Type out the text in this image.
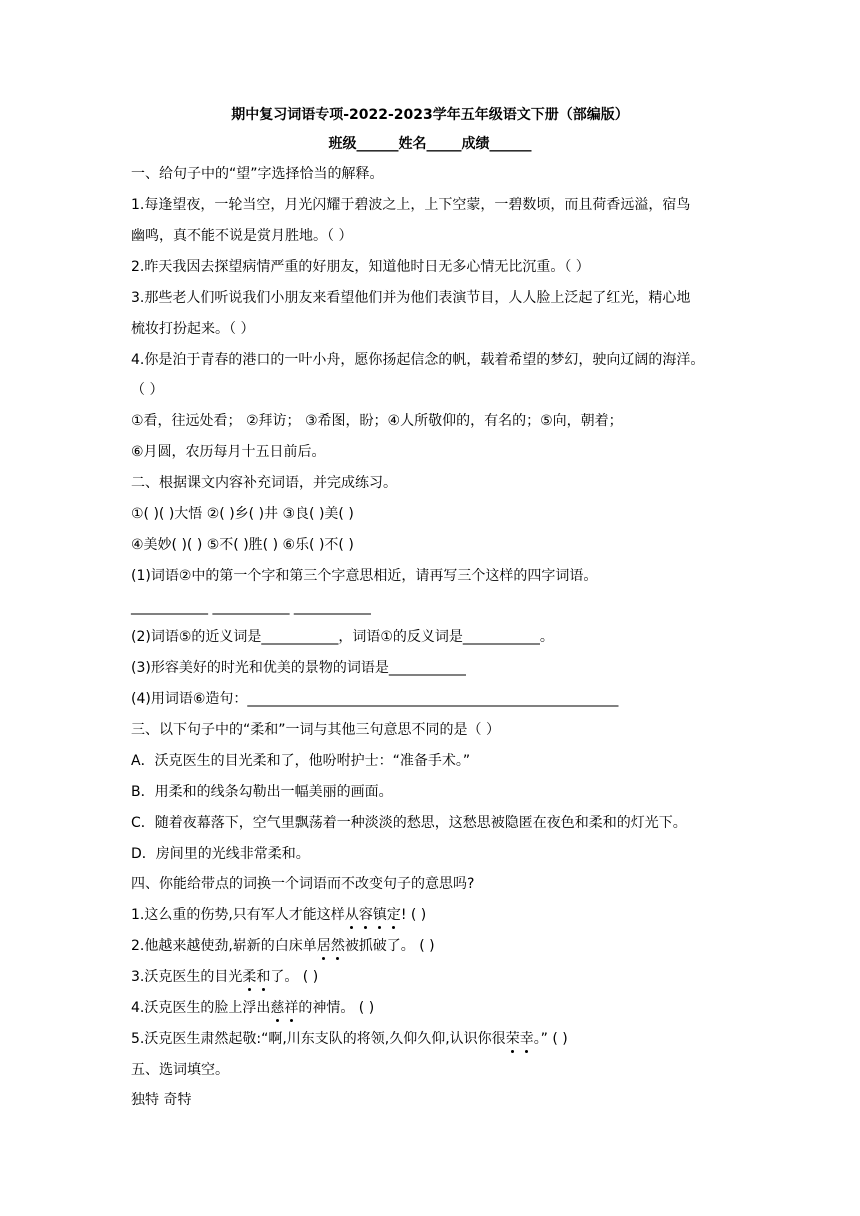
期中复习词语专项-2022-2023学年五年级语文下册（部编版）
班级______姓名_____成绩______
一、给句子中的“望”字选择恰当的解释。
1.每逢望夜，一轮当空，月光闪耀于碧波之上，上下空蒙，一碧数顷，而且荷香远溢，宿鸟
幽鸣，真不能不说是赏月胜地。（ ）
2.昨天我因去探望病情严重的好朋友，知道他时日无多心情无比沉重。（ ）
3.那些老人们听说我们小朋友来看望他们并为他们表演节目，人人脸上泛起了红光，精心地
梳妆打扮起来。（ ）
4.你是泊于青春的港口的一叶小舟，愿你扬起信念的帆，载着希望的梦幻，驶向辽阔的海洋。
（ ）
①看，往远处看； ②拜访； ③希图，盼；④人所敬仰的，有名的；⑤向，朝着；
⑥月圆，农历每月十五日前后。
二、根据课文内容补充词语，并完成练习。
①( )( )大悟 ②( )乡( )井 ③良( )美( )
④美妙( )( ) ⑤不( )胜( ) ⑥乐( )不( )
(1)词语②中的第一个字和第三个字意思相近，请再写三个这样的四字词语。
___________ ___________ ___________
(2)词语⑤的近义词是___________，词语①的反义词是___________。
(3)形容美好的时光和优美的景物的词语是___________
(4)用词语⑥造句：_____________________________________________________
三、以下句子中的“柔和”一词与其他三句意思不同的是（ ）
A．沃克医生的目光柔和了，他吩咐护士：“准备手术。”
B．用柔和的线条勾勒出一幅美丽的画面。
C．随着夜幕落下，空气里飘荡着一种淡淡的愁思，这愁思被隐匿在夜色和柔和的灯光下。
D．房间里的光线非常柔和。
四、你能给带点的词换一个词语而不改变句子的意思吗?
1.这么重的伤势,只有军人才能这样从容镇定! ( )
2.他越来越使劲,崭新的白床单居然被抓破了。 ( )
3.沃克医生的目光柔和了。 ( )
4.沃克医生的脸上浮出慈祥的神情。 ( )
5.沃克医生肃然起敬:“啊,川东支队的将领,久仰久仰,认识你很荣幸。” ( )
五、选词填空。
独特 奇特
